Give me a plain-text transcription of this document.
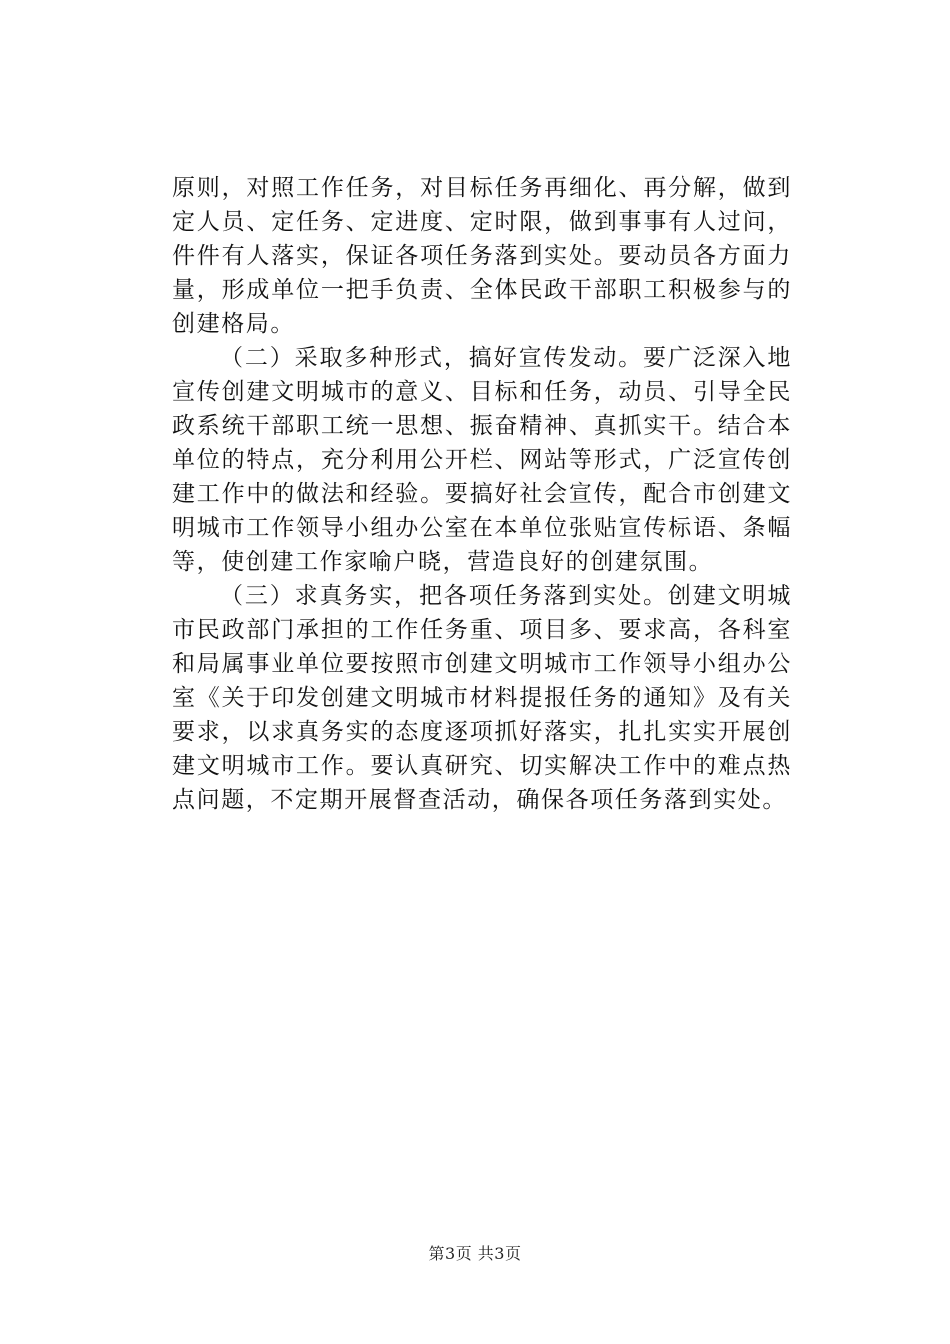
原则，对照工作任务，对目标任务再细化、再分解，做到定人员、定任务、定进度、定时限，做到事事有人过问，件件有人落实，保证各项任务落到实处。要动员各方面力量，形成单位一把手负责、全体民政干部职工积极参与的创建格局。

（二）采取多种形式，搞好宣传发动。要广泛深入地宣传创建文明城市的意义、目标和任务，动员、引导全民政系统干部职工统一思想、振奋精神、真抓实干。结合本单位的特点，充分利用公开栏、网站等形式，广泛宣传创建工作中的做法和经验。要搞好社会宣传，配合市创建文明城市工作领导小组办公室在本单位张贴宣传标语、条幅等，使创建工作家喻户晓，营造良好的创建氛围。

（三）求真务实，把各项任务落到实处。创建文明城市民政部门承担的工作任务重、项目多、要求高，各科室和局属事业单位要按照市创建文明城市工作领导小组办公室《关于印发创建文明城市材料提报任务的通知》及有关要求，以求真务实的态度逐项抓好落实，扎扎实实开展创建文明城市工作。要认真研究、切实解决工作中的难点热点问题，不定期开展督查活动，确保各项任务落到实处。

第3页 共3页
